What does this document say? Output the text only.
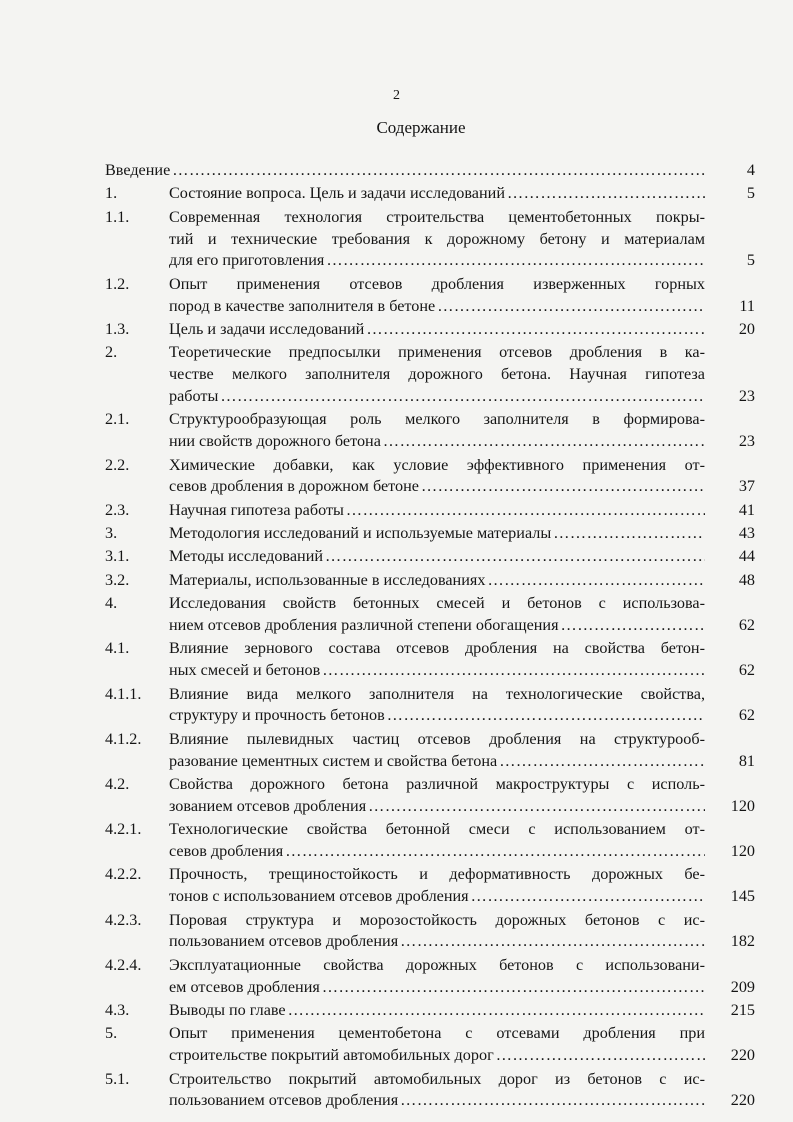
2
Содержание
Введение ……………………………………………………………………………………………………………………………………………………………	4
1.	Состояние вопроса. Цель и задачи исследований ……………………………………………………………………………………………………………………………………………………………	5
1.1.	Современная технология строительства цементобетонных покры-
тий и технические требования к дорожному бетону и материалам
для его приготовления ……………………………………………………………………………………………………………………………………………………………	5
1.2.	Опыт применения отсевов дробления изверженных горных
пород в качестве заполнителя в бетоне ……………………………………………………………………………………………………………………………………………………………	11
1.3.	Цель и задачи исследований ……………………………………………………………………………………………………………………………………………………………	20
2.	Теоретические предпосылки применения отсевов дробления в ка-
честве мелкого заполнителя дорожного бетона. Научная гипотеза
работы ……………………………………………………………………………………………………………………………………………………………	23
2.1.	Структурообразующая роль мелкого заполнителя в формирова-
нии свойств дорожного бетона ……………………………………………………………………………………………………………………………………………………………	23
2.2.	Химические добавки, как условие эффективного применения от-
севов дробления в дорожном бетоне ……………………………………………………………………………………………………………………………………………………………	37
2.3.	Научная гипотеза работы ……………………………………………………………………………………………………………………………………………………………	41
3.	Методология исследований и используемые материалы ……………………………………………………………………………………………………………………………………………………………	43
3.1.	Методы исследований ……………………………………………………………………………………………………………………………………………………………	44
3.2.	Материалы, использованные в исследованиях ……………………………………………………………………………………………………………………………………………………………	48
4.	Исследования свойств бетонных смесей и бетонов с использова-
нием отсевов дробления различной степени обогащения ……………………………………………………………………………………………………………………………………………………………	62
4.1.	Влияние зернового состава отсевов дробления на свойства бетон-
ных смесей и бетонов ……………………………………………………………………………………………………………………………………………………………	62
4.1.1.	Влияние вида мелкого заполнителя на технологические свойства,
структуру и прочность бетонов ……………………………………………………………………………………………………………………………………………………………	62
4.1.2.	Влияние пылевидных частиц отсевов дробления на структурооб-
разование цементных систем и свойства бетона ……………………………………………………………………………………………………………………………………………………………	81
4.2.	Свойства дорожного бетона различной макроструктуры с исполь-
зованием отсевов дробления ……………………………………………………………………………………………………………………………………………………………	120
4.2.1.	Технологические свойства бетонной смеси с использованием от-
севов дробления ……………………………………………………………………………………………………………………………………………………………	120
4.2.2.	Прочность, трещиностойкость и деформативность дорожных бе-
тонов с использованием отсевов дробления ……………………………………………………………………………………………………………………………………………………………	145
4.2.3.	Поровая структура и морозостойкость дорожных бетонов с ис-
пользованием отсевов дробления ……………………………………………………………………………………………………………………………………………………………	182
4.2.4.	Эксплуатационные свойства дорожных бетонов с использовани-
ем отсевов дробления ……………………………………………………………………………………………………………………………………………………………	209
4.3.	Выводы по главе ……………………………………………………………………………………………………………………………………………………………	215
5.	Опыт применения цементобетона с отсевами дробления при
строительстве покрытий автомобильных дорог ……………………………………………………………………………………………………………………………………………………………	220
5.1.	Строительство покрытий автомобильных дорог из бетонов с ис-
пользованием отсевов дробления ……………………………………………………………………………………………………………………………………………………………	220
